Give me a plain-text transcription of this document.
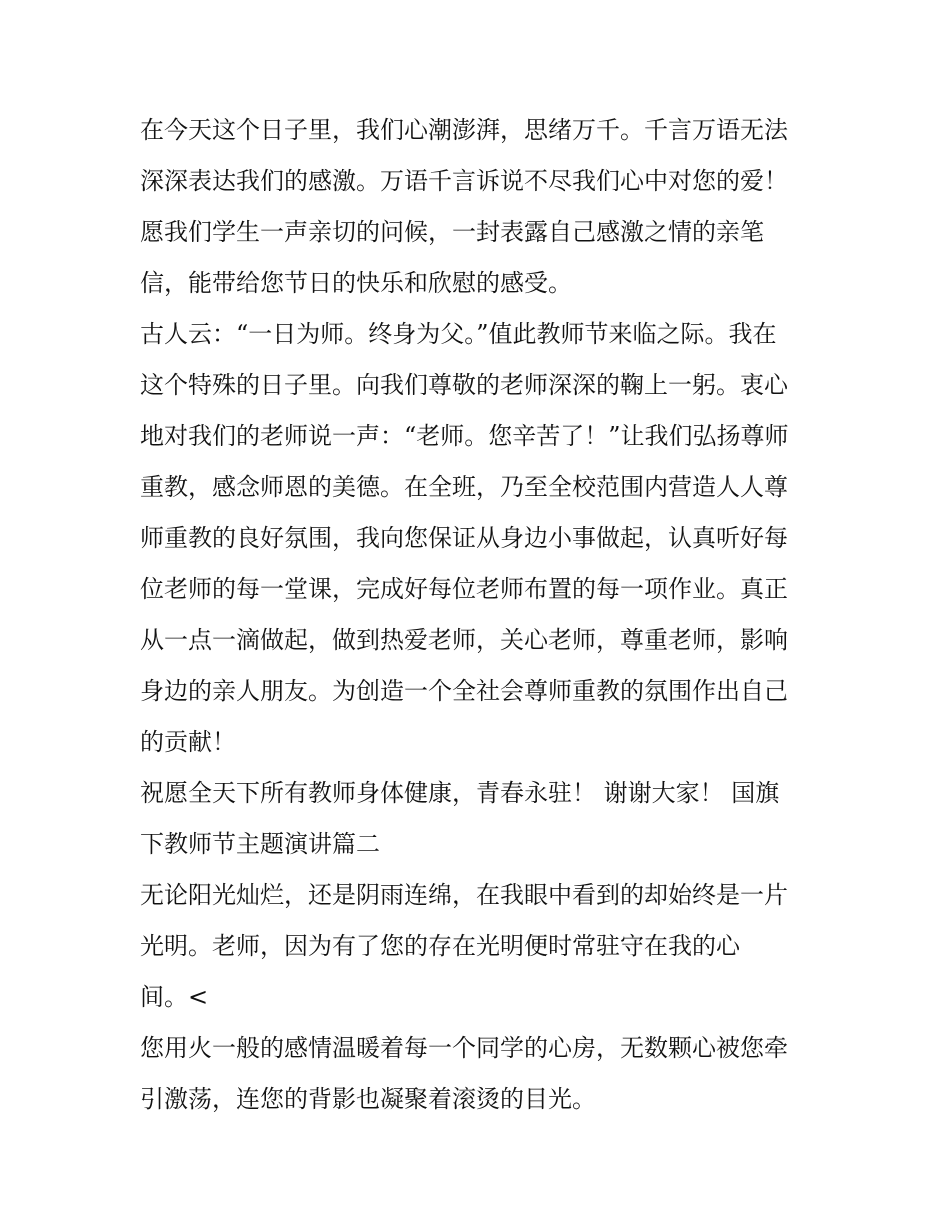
在今天这个日子里，我们心潮澎湃，思绪万千。千言万语无法
深深表达我们的感激。万语千言诉说不尽我们心中对您的爱！
愿我们学生一声亲切的问候，一封表露自己感激之情的亲笔
信，能带给您节日的快乐和欣慰的感受。
古人云：“一日为师。终身为父。”值此教师节来临之际。我在
这个特殊的日子里。向我们尊敬的老师深深的鞠上一躬。衷心
地对我们的老师说一声：“老师。您辛苦了！”让我们弘扬尊师
重教，感念师恩的美德。在全班，乃至全校范围内营造人人尊
师重教的良好氛围，我向您保证从身边小事做起，认真听好每
位老师的每一堂课，完成好每位老师布置的每一项作业。真正
从一点一滴做起，做到热爱老师，关心老师，尊重老师，影响
身边的亲人朋友。为创造一个全社会尊师重教的氛围作出自己
的贡献！
祝愿全天下所有教师身体健康，青春永驻！ 谢谢大家！ 国旗
下教师节主题演讲篇二
无论阳光灿烂，还是阴雨连绵，在我眼中看到的却始终是一片
光明。老师，因为有了您的存在光明便时常驻守在我的心
间。<
您用火一般的感情温暖着每一个同学的心房，无数颗心被您牵
引激荡，连您的背影也凝聚着滚烫的目光。
